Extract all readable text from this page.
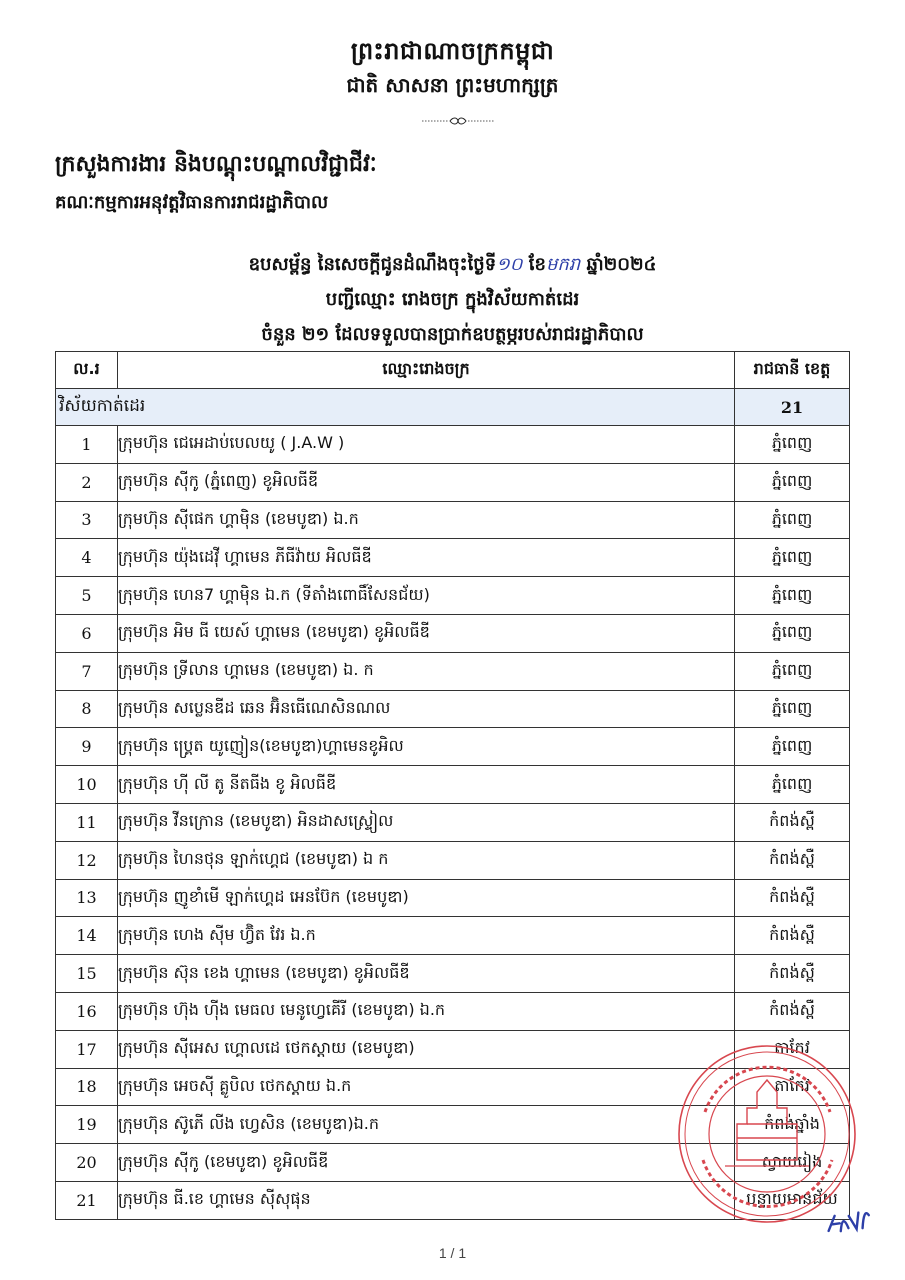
ព្រះរាជាណាចក្រកម្ពុជា
ជាតិ សាសនា ព្រះមហាក្សត្រ
ក្រសួងការងារ និងបណ្តុះបណ្តាលវិជ្ជាជីវៈ
គណៈកម្មការអនុវត្តវិធានការរាជរដ្ឋាភិបាល
ឧបសម្ព័ន្ធ នៃសេចក្តីជូនដំណឹងចុះថ្ងៃទី១០ ខែមករា ឆ្នាំ២០២៤
បញ្ជីឈ្មោះ រោងចក្រ ក្នុងវិស័យកាត់ដេរ
ចំនួន ២១ ដែលទទួលបានប្រាក់ឧបត្ថម្ភរបស់រាជរដ្ឋាភិបាល
ល.រ	ឈ្មោះរោងចក្រ	រាជធានី ខេត្ត
វិស័យកាត់ដេរ		21
1	ក្រុមហ៊ុន ជេអេដាប់បេលយូ ( J.A.W )	ភ្នំពេញ
2	ក្រុមហ៊ុន ស៊ីកូ (ភ្នំពេញ) ខូអិលធីឌី	ភ្នំពេញ
3	ក្រុមហ៊ុន ស៊ីផេក ហ្គាម៉ិន (ខេមបូឌា) ឯ.ក	ភ្នំពេញ
4	ក្រុមហ៊ុន យ៉ុងដេវ៉ី ហ្គាមេន ភីធីវ៉ាយ អិលធីឌី	ភ្នំពេញ
5	ក្រុមហ៊ុន ហេន7 ហ្គាម៉ិន ឯ.ក (ទីតាំងពោធិ៍សែនជ័យ)	ភ្នំពេញ
6	ក្រុមហ៊ុន អិម ធី យេស៍ ហ្គាមេន (ខេមបូឌា) ខូអិលធីឌី	ភ្នំពេញ
7	ក្រុមហ៊ុន ទ្រីលាន ហ្គាមេន (ខេមបូឌា) ឯ. ក	ភ្នំពេញ
8	ក្រុមហ៊ុន សប្លេនឌីដ ឆេន អ៊ិនធើណេសិនណល	ភ្នំពេញ
9	ក្រុមហ៊ុន ប្រេ្គត យូញៀន(ខេមបូឌា)ហ្គាមេនខូអិល	ភ្នំពេញ
10	ក្រុមហ៊ុន ហ៊ី លី តូ នីតធីង ខូ អិលធីឌី	ភ្នំពេញ
11	ក្រុមហ៊ុន វីនក្រោន (ខេមបូឌា) អិនដាសស្ទ្រៀល	កំពង់ស្ពឺ
12	ក្រុមហ៊ុន ហៃនថុន ឡាក់ហ្គេជ (ខេមបូឌា) ឯ ក	កំពង់ស្ពឺ
13	ក្រុមហ៊ុន ញូខាំមើ ឡាក់ហ្គេដ អេនប៊ែក (ខេមបូឌា)	កំពង់ស្ពឺ
14	ក្រុមហ៊ុន ហេង ស៊ីម ហ្វ៊ិត វែរ ឯ.ក	កំពង់ស្ពឺ
15	ក្រុមហ៊ុន ស៊ុន ខេង ហ្គាមេន (ខេមបូឌា) ខូអិលធីឌី	កំពង់ស្ពឺ
16	ក្រុមហ៊ុន ហ៊ុង ហ៊ីង មេធល មេនូហ្វេគើរី (ខេមបូឌា) ឯ.ក	កំពង់ស្ពឺ
17	ក្រុមហ៊ុន ស៊ីអេស ហ្គោលដេ ថេកស្តាយ (ខេមបូឌា)	តាកែវ
18	ក្រុមហ៊ុន អេចស៊ី គ្លូបិល ថេកស្តាយ ឯ.ក	តាកែវ
19	ក្រុមហ៊ុន ស៊ូភើ លីង ហ្វេសិន (ខេមបូឌា)ឯ.ក	កំពង់ឆ្នាំង
20	ក្រុមហ៊ុន ស៊ីកូ (ខេមបូឌា) ខូអិលធីឌី	ស្វាយរៀង
21	ក្រុមហ៊ុន ធី.ខេ ហ្គាមេន ស៊ីសុផុន	បន្ទាយមានជ័យ
1 / 1
